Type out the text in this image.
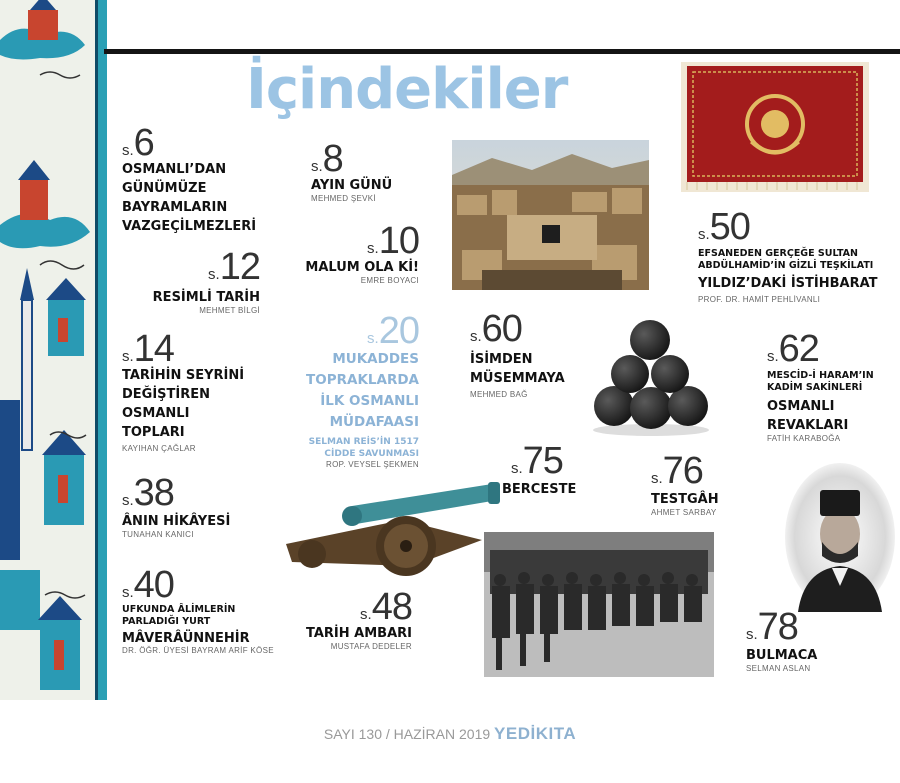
İçindekiler
s.6
OSMANLI’DAN
GÜNÜMÜZE
BAYRAMLARIN
VAZGEÇİLMEZLERİ
s.8
AYIN GÜNÜ
MEHMED ŞEVKİ
s.10
MALUM OLA Kİ!
EMRE BOYACI
s.12
RESİMLİ TARİH
MEHMET BİLGİ
s.14
TARİHİN SEYRİNİ
DEĞİŞTİREN
OSMANLI
TOPLARI
KAYIHAN ÇAĞLAR
s.20
MUKADDES
TOPRAKLARDA
İLK OSMANLI
MÜDAFAASI
SELMAN REİS’İN 1517
CİDDE SAVUNMASI
ROP. VEYSEL ŞEKMEN
s.50
EFSANEDEN GERÇEĞE SULTAN
ABDÜLHAMİD’İN GİZLİ TEŞKİLATI
YILDIZ’DAKİ İSTİHBARAT
PROF. DR. HAMİT PEHLİVANLI
s.60
İSİMDEN
MÜSEMMAYA
MEHMED BAĞ
s.62
MESCİD-İ HARAM’IN
KADİM SAKİNLERİ
OSMANLI
REVAKLARI
FATİH KARABOĞA
s.75
BERCESTE
s.76
TESTGÂH
AHMET SARBAY
s.38
ÂNIN HİKÂYESİ
TUNAHAN KANICI
s.40
UFKUNDA ÂLİMLERİN
PARLADIĞI YURT
MÂVERÂÜNNEHİR
DR. ÖĞR. ÜYESİ BAYRAM ARİF KÖSE
s.48
TARİH AMBARI
MUSTAFA DEDELER
s.78
BULMACA
SELMAN ASLAN
SAYI 130 / HAZİRAN 2019 YEDİKITA
